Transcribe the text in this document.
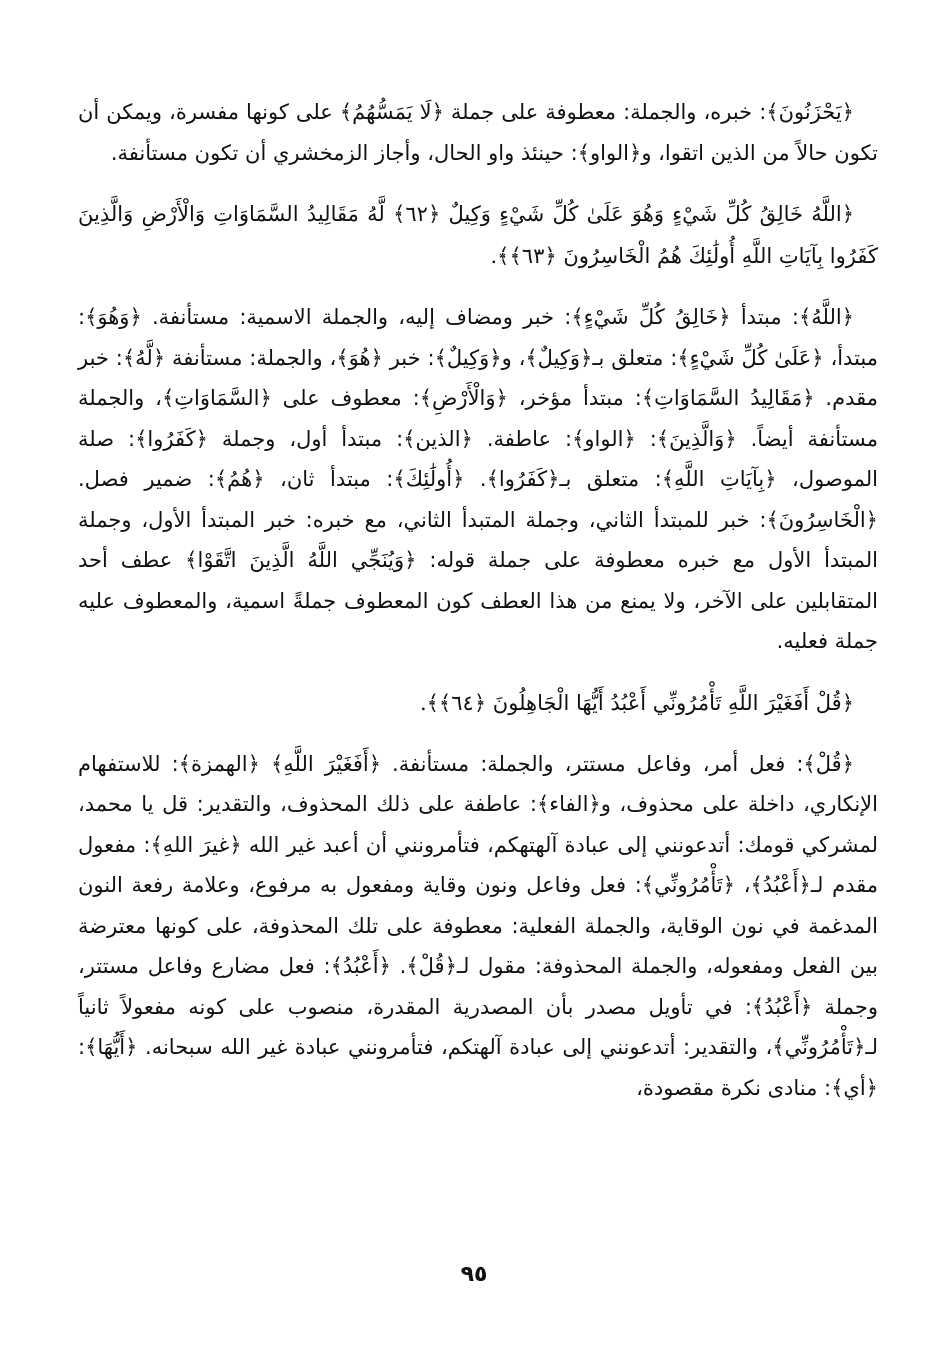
﴿يَحْزَنُونَ﴾: خبره، والجملة: معطوفة على جملة ﴿لَا يَمَسُّهُمُ﴾ على كونها مفسرة، ويمكن أن تكون حالاً من الذين اتقوا، و﴿الواو﴾: حينئذ واو الحال، وأجاز الزمخشري أن تكون مستأنفة.

﴿اللَّهُ خَالِقُ كُلِّ شَيْءٍ وَهُوَ عَلَىٰ كُلِّ شَيْءٍ وَكِيلٌ ﴿٦٢﴾ لَّهُ مَقَالِيدُ السَّمَاوَاتِ وَالْأَرْضِ وَالَّذِينَ كَفَرُوا بِآيَاتِ اللَّهِ أُولَٰئِكَ هُمُ الْخَاسِرُونَ ﴿٦٣﴾﴾.

﴿اللَّهُ﴾: مبتدأ ﴿خَالِقُ كُلِّ شَيْءٍ﴾: خبر ومضاف إليه، والجملة الاسمية: مستأنفة. ﴿وَهُوَ﴾: مبتدأ، ﴿عَلَىٰ كُلِّ شَيْءٍ﴾: متعلق بـ﴿وَكِيلٌ﴾، و﴿وَكِيلٌ﴾: خبر ﴿هُوَ﴾، والجملة: مستأنفة ﴿لَّهُ﴾: خبر مقدم. ﴿مَقَالِيدُ السَّمَاوَاتِ﴾: مبتدأ مؤخر، ﴿وَالْأَرْضِ﴾: معطوف على ﴿السَّمَاوَاتِ﴾، والجملة مستأنفة أيضاً. ﴿وَالَّذِينَ﴾: ﴿الواو﴾: عاطفة. ﴿الذين﴾: مبتدأ أول، وجملة ﴿كَفَرُوا﴾: صلة الموصول، ﴿بِآيَاتِ اللَّهِ﴾: متعلق بـ﴿كَفَرُوا﴾. ﴿أُولَٰئِكَ﴾: مبتدأ ثان، ﴿هُمُ﴾: ضمير فصل. ﴿الْخَاسِرُونَ﴾: خبر للمبتدأ الثاني، وجملة المتبدأ الثاني، مع خبره: خبر المبتدأ الأول، وجملة المبتدأ الأول مع خبره معطوفة على جملة قوله: ﴿وَيُنَجِّي اللَّهُ الَّذِينَ اتَّقَوْا﴾ عطف أحد المتقابلين على الآخر، ولا يمنع من هذا العطف كون المعطوف جملةً اسمية، والمعطوف عليه جملة فعليه.

﴿قُلْ أَفَغَيْرَ اللَّهِ تَأْمُرُونِّي أَعْبُدُ أَيُّهَا الْجَاهِلُونَ ﴿٦٤﴾﴾.

﴿قُلْ﴾: فعل أمر، وفاعل مستتر، والجملة: مستأنفة. ﴿أَفَغَيْرَ اللَّهِ﴾ ﴿الهمزة﴾: للاستفهام الإنكاري، داخلة على محذوف، و﴿الفاء﴾: عاطفة على ذلك المحذوف، والتقدير: قل يا محمد، لمشركي قومك: أتدعونني إلى عبادة آلهتهكم، فتأمرونني أن أعبد غير الله ﴿غيرَ اللهِ﴾: مفعول مقدم لـ﴿أَعْبُدُ﴾، ﴿تَأْمُرُونِّي﴾: فعل وفاعل ونون وقاية ومفعول به مرفوع، وعلامة رفعة النون المدغمة في نون الوقاية، والجملة الفعلية: معطوفة على تلك المحذوفة، على كونها معترضة بين الفعل ومفعوله، والجملة المحذوفة: مقول لـ﴿قُلْ﴾. ﴿أَعْبُدُ﴾: فعل مضارع وفاعل مستتر، وجملة ﴿أَعْبُدُ﴾: في تأويل مصدر بأن المصدرية المقدرة، منصوب على كونه مفعولاً ثانياً لـ﴿تَأْمُرُونِّي﴾، والتقدير: أتدعونني إلى عبادة آلهتكم، فتأمرونني عبادة غير الله سبحانه. ﴿أَيُّهَا﴾: ﴿أي﴾: منادى نكرة مقصودة،

٩٥
